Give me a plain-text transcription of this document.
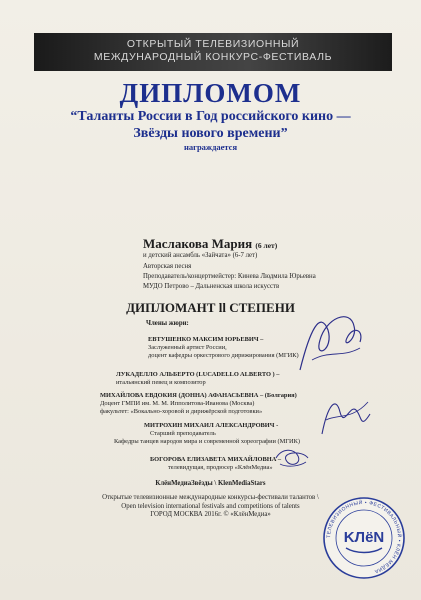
ОТКРЫТЫЙ ТЕЛЕВИЗИОННЫЙ
МЕЖДУНАРОДНЫЙ КОНКУРС-ФЕСТИВАЛЬ
ДИПЛОМОМ
“Таланты России в Год российского кино —
Звёзды нового времени”
награждается
Маслакова Мария (6 лет)
и детский ансамбль «Зайчата» (6-7 лет)
Авторская песня
Преподаватель/концертмейстер: Кинева Людмила Юрьевна
МУДО Петрово – Дальненская школа искусств
ДИПЛОМАНТ ll СТЕПЕНИ
Члены жюри:
ЕВТУШЕНКО МАКСИМ ЮРЬЕВИЧ –
Заслуженный артист России,
доцент кафедры оркестрового дирижирования (МГИК)
ЛУКАДЕЛЛО АЛЬБЕРТО (LUCADELLO ALBERTO ) –
итальянский певец и композитор
МИХАЙЛОВА ЕВДОКИЯ (ДОННА) АФАНАСЬЕВНА – (Болгария)
Доцент ГМПИ им. М. М. Ипполитова-Иванова (Москва)
факультет: «Вокально-хоровой и дирижёрской подготовки»
МИТРОХИН МИХАИЛ АЛЕКСАНДРОВИЧ -
Старший преподаватель
Кафедры танцев народов мира и современной хореографии (МГИК)
БОГОРОВА ЕЛИЗАВЕТА МИХАЙЛОВНА –
телевидущая, продюсер «КлёнМедиа»
КлёнМедиаЗвёзды \ KlenMediaStars
Открытые телевизионные международные конкурсы-фестивали талантов \
Open television international festivals and competitions of talents
ГОРОД МОСКВА 2016г. © «КлёнМедиа»
ТЕЛЕВИЗИОННЫЙ • ФЕСТИВАЛЬНЫЙ • КЛЁН МЕДИА
KЛёN
